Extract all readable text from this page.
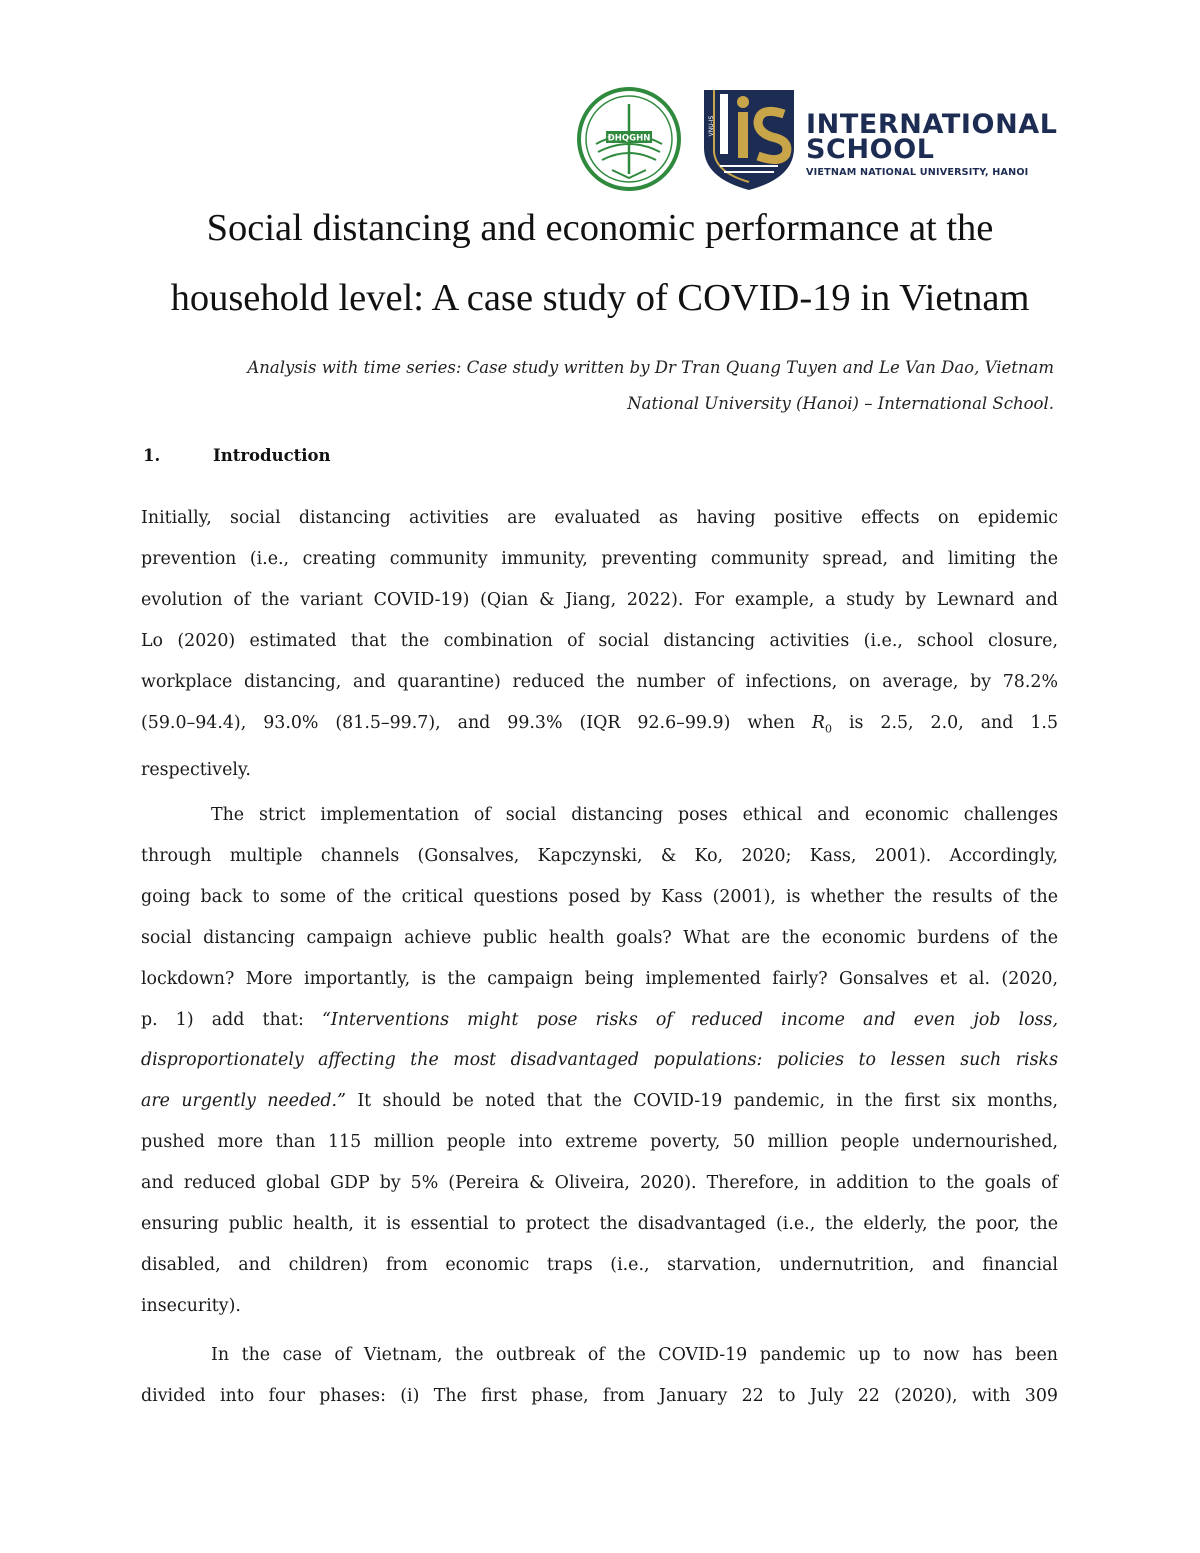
ĐHQGHN
VNU-IS	INTERNATIONAL
SCHOOL
VIETNAM NATIONAL UNIVERSITY, HANOI
Social distancing and economic performance at the
household level: A case study of COVID-19 in Vietnam
Analysis with time series: Case study written by Dr Tran Quang Tuyen and Le Van Dao, Vietnam
National University (Hanoi) – International School.
1.	Introduction
Initially, social distancing activities are evaluated as having positive effects on epidemic
prevention (i.e., creating community immunity, preventing community spread, and limiting the
evolution of the variant COVID-19) (Qian & Jiang, 2022). For example, a study by Lewnard and
Lo (2020) estimated that the combination of social distancing activities (i.e., school closure,
workplace distancing, and quarantine) reduced the number of infections, on average, by 78.2%
(59.0–94.4), 93.0% (81.5–99.7), and 99.3% (IQR 92.6–99.9) when $R_0$ is 2.5, 2.0, and 1.5
respectively.
The strict implementation of social distancing poses ethical and economic challenges
through multiple channels (Gonsalves, Kapczynski, & Ko, 2020; Kass, 2001). Accordingly,
going back to some of the critical questions posed by Kass (2001), is whether the results of the
social distancing campaign achieve public health goals? What are the economic burdens of the
lockdown? More importantly, is the campaign being implemented fairly? Gonsalves et al. (2020,
p. 1) add that: “Interventions might pose risks of reduced income and even job loss,
disproportionately affecting the most disadvantaged populations: policies to lessen such risks
are urgently needed.” It should be noted that the COVID-19 pandemic, in the first six months,
pushed more than 115 million people into extreme poverty, 50 million people undernourished,
and reduced global GDP by 5% (Pereira & Oliveira, 2020). Therefore, in addition to the goals of
ensuring public health, it is essential to protect the disadvantaged (i.e., the elderly, the poor, the
disabled, and children) from economic traps (i.e., starvation, undernutrition, and financial
insecurity).
In the case of Vietnam, the outbreak of the COVID-19 pandemic up to now has been
divided into four phases: (i) The first phase, from January 22 to July 22 (2020), with 309
